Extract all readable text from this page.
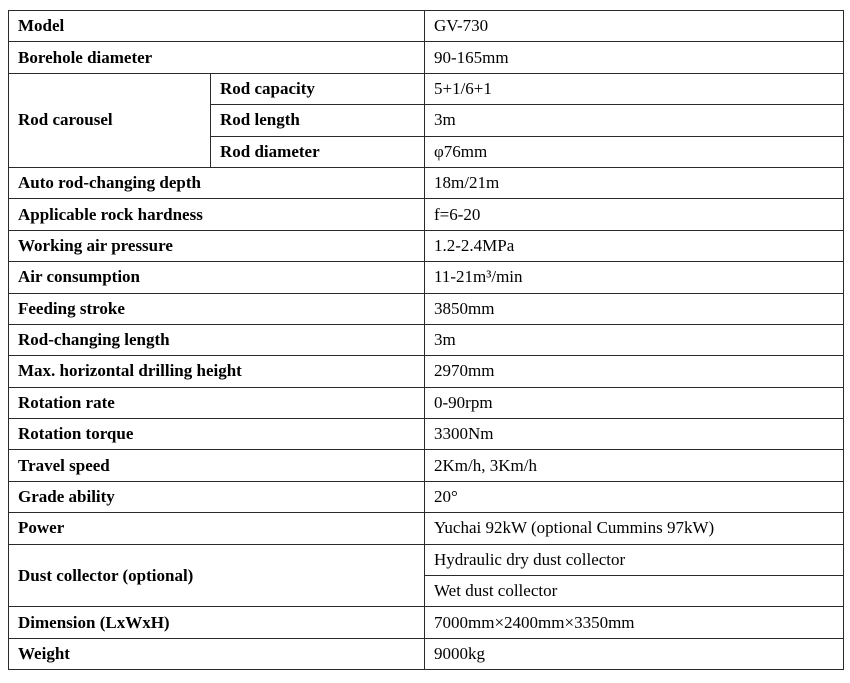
Model		GV-730
Borehole diameter		90-165mm
Rod carousel	Rod capacity	5+1/6+1
	Rod length	3m
	Rod diameter	φ76mm
Auto rod-changing depth		18m/21m
Applicable rock hardness		f=6-20
Working air pressure		1.2-2.4MPa
Air consumption		11-21m³/min
Feeding stroke		3850mm
Rod-changing length		3m
Max. horizontal drilling height		2970mm
Rotation rate		0-90rpm
Rotation torque		3300Nm
Travel speed		2Km/h, 3Km/h
Grade ability		20°
Power		Yuchai 92kW (optional Cummins 97kW)
Dust collector (optional)		Hydraulic dry dust collector
		Wet dust collector
Dimension (LxWxH)		7000mm×2400mm×3350mm
Weight		9000kg
